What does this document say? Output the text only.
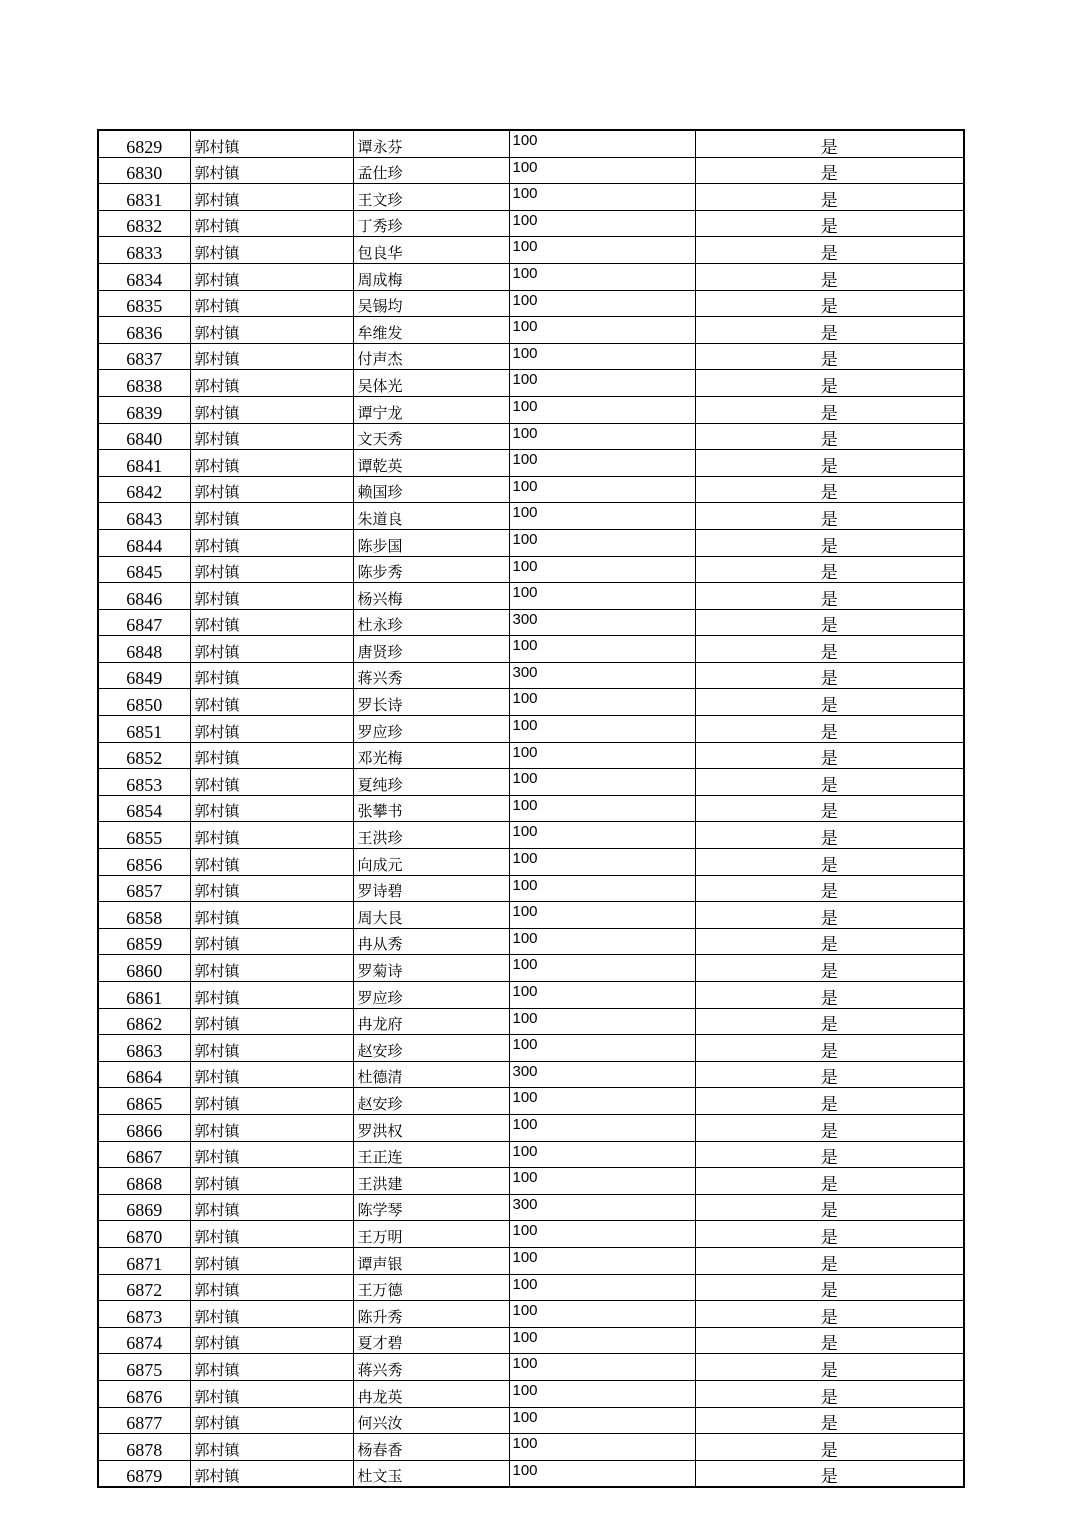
6829	郭村镇	谭永芬	100	是
6830	郭村镇	孟仕珍	100	是
6831	郭村镇	王文珍	100	是
6832	郭村镇	丁秀珍	100	是
6833	郭村镇	包良华	100	是
6834	郭村镇	周成梅	100	是
6835	郭村镇	吴锡均	100	是
6836	郭村镇	牟维发	100	是
6837	郭村镇	付声杰	100	是
6838	郭村镇	吴体光	100	是
6839	郭村镇	谭宁龙	100	是
6840	郭村镇	文天秀	100	是
6841	郭村镇	谭乾英	100	是
6842	郭村镇	赖国珍	100	是
6843	郭村镇	朱道良	100	是
6844	郭村镇	陈步国	100	是
6845	郭村镇	陈步秀	100	是
6846	郭村镇	杨兴梅	100	是
6847	郭村镇	杜永珍	300	是
6848	郭村镇	唐贤珍	100	是
6849	郭村镇	蒋兴秀	300	是
6850	郭村镇	罗长诗	100	是
6851	郭村镇	罗应珍	100	是
6852	郭村镇	邓光梅	100	是
6853	郭村镇	夏纯珍	100	是
6854	郭村镇	张攀书	100	是
6855	郭村镇	王洪珍	100	是
6856	郭村镇	向成元	100	是
6857	郭村镇	罗诗碧	100	是
6858	郭村镇	周大艮	100	是
6859	郭村镇	冉从秀	100	是
6860	郭村镇	罗菊诗	100	是
6861	郭村镇	罗应珍	100	是
6862	郭村镇	冉龙府	100	是
6863	郭村镇	赵安珍	100	是
6864	郭村镇	杜德清	300	是
6865	郭村镇	赵安珍	100	是
6866	郭村镇	罗洪权	100	是
6867	郭村镇	王正连	100	是
6868	郭村镇	王洪建	100	是
6869	郭村镇	陈学琴	300	是
6870	郭村镇	王万明	100	是
6871	郭村镇	谭声银	100	是
6872	郭村镇	王万德	100	是
6873	郭村镇	陈升秀	100	是
6874	郭村镇	夏才碧	100	是
6875	郭村镇	蒋兴秀	100	是
6876	郭村镇	冉龙英	100	是
6877	郭村镇	何兴汝	100	是
6878	郭村镇	杨春香	100	是
6879	郭村镇	杜文玉	100	是
